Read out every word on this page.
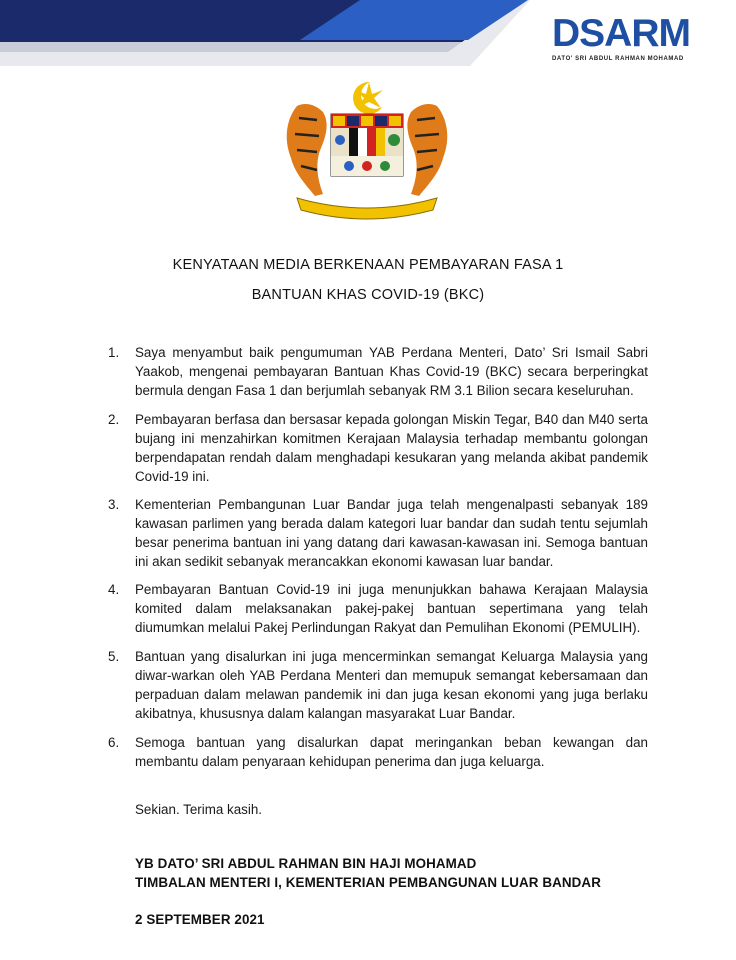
DSARM
DATO' SRI ABDUL RAHMAN MOHAMAD
KENYATAAN MEDIA BERKENAAN PEMBAYARAN FASA 1
BANTUAN KHAS COVID-19 (BKC)
1.	Saya menyambut baik pengumuman YAB Perdana Menteri, Dato’ Sri Ismail Sabri Yaakob, mengenai pembayaran Bantuan Khas Covid-19 (BKC) secara berperingkat bermula dengan Fasa 1 dan berjumlah sebanyak RM 3.1 Bilion secara keseluruhan.
2.	Pembayaran berfasa dan bersasar kepada golongan Miskin Tegar, B40 dan M40 serta bujang ini menzahirkan komitmen Kerajaan Malaysia terhadap membantu golongan berpendapatan rendah dalam menghadapi kesukaran yang melanda akibat pandemik Covid-19 ini.
3.	Kementerian Pembangunan Luar Bandar juga telah mengenalpasti sebanyak 189 kawasan parlimen yang berada dalam kategori luar bandar dan sudah tentu sejumlah besar penerima bantuan ini yang datang dari kawasan-kawasan ini. Semoga bantuan ini akan sedikit sebanyak merancakkan ekonomi kawasan luar bandar.
4.	Pembayaran Bantuan Covid-19 ini juga menunjukkan bahawa Kerajaan Malaysia komited dalam melaksanakan pakej-pakej bantuan sepertimana yang telah diumumkan melalui Pakej Perlindungan Rakyat dan Pemulihan Ekonomi (PEMULIH).
5.	Bantuan yang disalurkan ini juga mencerminkan semangat Keluarga Malaysia yang diwar-warkan oleh YAB Perdana Menteri dan memupuk semangat kebersamaan dan perpaduan dalam melawan pandemik ini dan juga kesan ekonomi yang juga berlaku akibatnya, khususnya dalam kalangan masyarakat Luar Bandar.
6.	Semoga bantuan yang disalurkan dapat meringankan beban kewangan dan membantu dalam penyaraan kehidupan penerima dan juga keluarga.
Sekian. Terima kasih.
YB DATO’ SRI ABDUL RAHMAN BIN HAJI MOHAMAD
TIMBALAN MENTERI I, KEMENTERIAN PEMBANGUNAN LUAR BANDAR
2 SEPTEMBER 2021
